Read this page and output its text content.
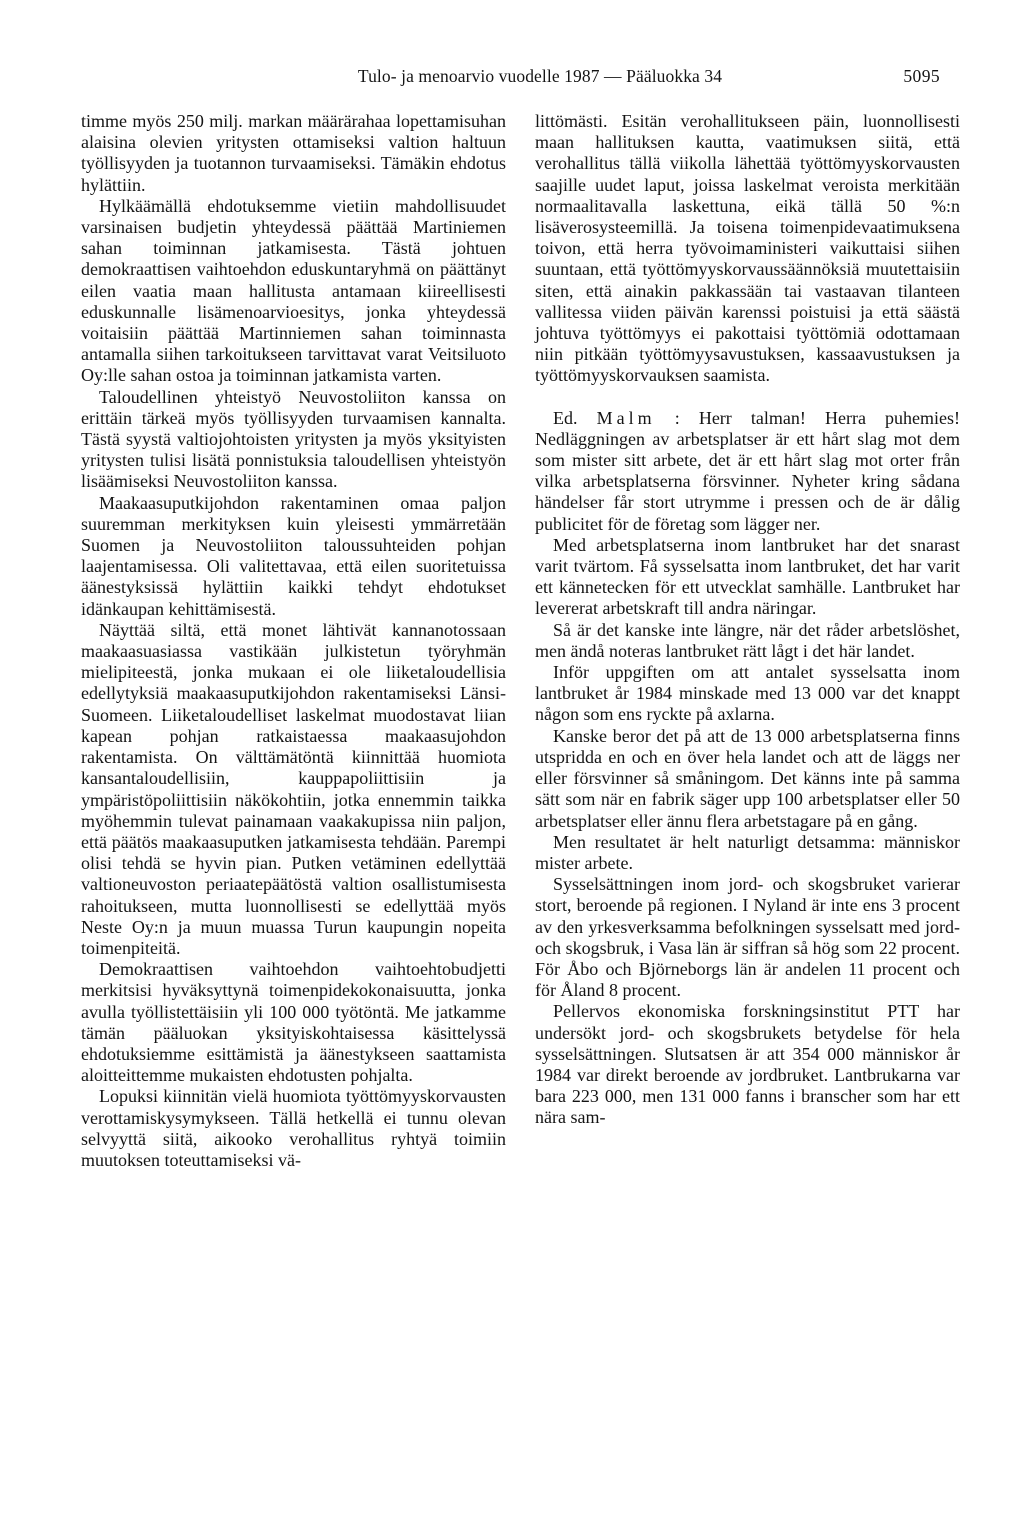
Tulo- ja menoarvio vuodelle 1987 — Pääluokka 34	5095

timme myös 250 milj. markan määrärahaa lopettamisuhan alaisina olevien yritysten ottamiseksi valtion haltuun työllisyyden ja tuotannon turvaamiseksi. Tämäkin ehdotus hylättiin.

Hylkäämällä ehdotuksemme vietiin mahdollisuudet varsinaisen budjetin yhteydessä päättää Martiniemen sahan toiminnan jatkamisesta. Tästä johtuen demokraattisen vaihtoehdon eduskuntaryhmä on päättänyt eilen vaatia maan hallitusta antamaan kiireellisesti eduskunnalle lisämenoarvioesitys, jonka yhteydessä voitaisiin päättää Martinniemen sahan toiminnasta antamalla siihen tarkoitukseen tarvittavat varat Veitsiluoto Oy:lle sahan ostoa ja toiminnan jatkamista varten.

Taloudellinen yhteistyö Neuvostoliiton kanssa on erittäin tärkeä myös työllisyyden turvaamisen kannalta. Tästä syystä valtiojohtoisten yritysten ja myös yksityisten yritysten tulisi lisätä ponnistuksia taloudellisen yhteistyön lisäämiseksi Neuvostoliiton kanssa.

Maakaasuputkijohdon rakentaminen omaa paljon suuremman merkityksen kuin yleisesti ymmärretään Suomen ja Neuvostoliiton taloussuhteiden pohjan laajentamisessa. Oli valitettavaa, että eilen suoritetuissa äänestyksissä hylättiin kaikki tehdyt ehdotukset idänkaupan kehittämisestä.

Näyttää siltä, että monet lähtivät kannanotossaan maakaasuasiassa vastikään julkistetun työryhmän mielipiteestä, jonka mukaan ei ole liiketaloudellisia edellytyksiä maakaasuputkijohdon rakentamiseksi Länsi-Suomeen. Liiketaloudelliset laskelmat muodostavat liian kapean pohjan ratkaistaessa maakaasujohdon rakentamista. On välttämätöntä kiinnittää huomiota kansantaloudellisiin, kauppapoliittisiin ja ympäristöpoliittisiin näkökohtiin, jotka ennemmin taikka myöhemmin tulevat painamaan vaakakupissa niin paljon, että päätös maakaasuputken jatkamisesta tehdään. Parempi olisi tehdä se hyvin pian. Putken vetäminen edellyttää valtioneuvoston periaatepäätöstä valtion osallistumisesta rahoitukseen, mutta luonnollisesti se edellyttää myös Neste Oy:n ja muun muassa Turun kaupungin nopeita toimenpiteitä.

Demokraattisen vaihtoehdon vaihtoehtobudjetti merkitsisi hyväksyttynä toimenpidekokonaisuutta, jonka avulla työllistettäisiin yli 100 000 työtöntä. Me jatkamme tämän pääluokan yksityiskohtaisessa käsittelyssä ehdotuksiemme esittämistä ja äänestykseen saattamista aloitteittemme mukaisten ehdotusten pohjalta.

Lopuksi kiinnitän vielä huomiota työttömyyskorvausten verottamiskysymykseen. Tällä hetkellä ei tunnu olevan selvyyttä siitä, aikooko verohallitus ryhtyä toimiin muutoksen toteuttamiseksi vä-

littömästi. Esitän verohallitukseen päin, luonnollisesti maan hallituksen kautta, vaatimuksen siitä, että verohallitus tällä viikolla lähettää työttömyyskorvausten saajille uudet laput, joissa laskelmat veroista merkitään normaalitavalla laskettuna, eikä tällä 50 %:n lisäverosysteemillä. Ja toisena toimenpidevaatimuksena toivon, että herra työvoimaministeri vaikuttaisi siihen suuntaan, että työttömyyskorvaussäännöksiä muutettaisiin siten, että ainakin pakkassään tai vastaavan tilanteen vallitessa viiden päivän karenssi poistuisi ja että säästä johtuva työttömyys ei pakottaisi työttömiä odottamaan niin pitkään työttömyysavustuksen, kassaavustuksen ja työttömyyskorvauksen saamista.

Ed. Malm : Herr talman! Herra puhemies! Nedläggningen av arbetsplatser är ett hårt slag mot dem som mister sitt arbete, det är ett hårt slag mot orter från vilka arbetsplatserna försvinner. Nyheter kring sådana händelser får stort utrymme i pressen och de är dålig publicitet för de företag som lägger ner.

Med arbetsplatserna inom lantbruket har det snarast varit tvärtom. Få sysselsatta inom lantbruket, det har varit ett kännetecken för ett utvecklat samhälle. Lantbruket har levererat arbetskraft till andra näringar.

Så är det kanske inte längre, när det råder arbetslöshet, men ändå noteras lantbruket rätt lågt i det här landet.

Inför uppgiften om att antalet sysselsatta inom lantbruket år 1984 minskade med 13 000 var det knappt någon som ens ryckte på axlarna.

Kanske beror det på att de 13 000 arbetsplatserna finns utspridda en och en över hela landet och att de läggs ner eller försvinner så småningom. Det känns inte på samma sätt som när en fabrik säger upp 100 arbetsplatser eller 50 arbetsplatser eller ännu flera arbetstagare på en gång.

Men resultatet är helt naturligt detsamma: människor mister arbete.

Sysselsättningen inom jord- och skogsbruket varierar stort, beroende på regionen. I Nyland är inte ens 3 procent av den yrkesverksamma befolkningen sysselsatt med jord- och skogsbruk, i Vasa län är siffran så hög som 22 procent. För Åbo och Björneborgs län är andelen 11 procent och för Åland 8 procent.

Pellervos ekonomiska forskningsinstitut PTT har undersökt jord- och skogsbrukets betydelse för hela sysselsättningen. Slutsatsen är att 354 000 människor år 1984 var direkt beroende av jordbruket. Lantbrukarna var bara 223 000, men 131 000 fanns i branscher som har ett nära sam-
